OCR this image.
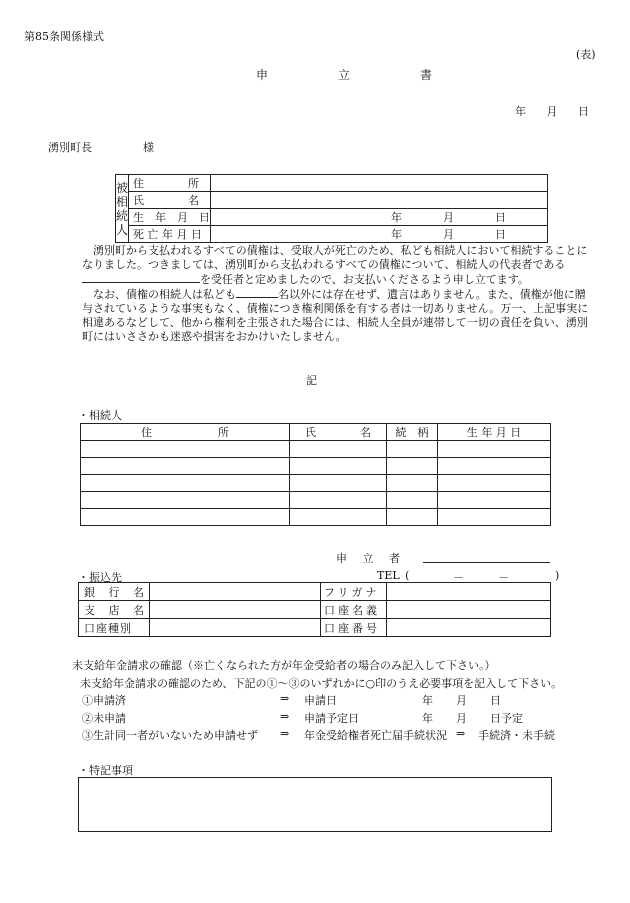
第85条関係様式
(表)
申　立　書
年 月 日
湧別町長	様
被相続人	住　　　　所	
	氏　　　　名	
	生　年　月　日	年 月 日

	死 亡 年 月 日	年 月 日

　湧別町から支払われるすべての債権は、受取人が死亡のため、私ども相続人において相続することになりました。つきましては、湧別町から支払われるすべての債権について、相続人の代表者であるを受任者と定めましたので、お支払いくださるよう申し立てます。

　なお、債権の相続人は私ども	名以外には存在せず、遺言はありません。また、債権が他に贈与されているような事実もなく、債権につき権利関係を有する者は一切ありません。万一、上記事実に相違あるなどして、他から権利を主張された場合には、相続人全員が連帯して一切の責任を負い、湧別町にはいささかも迷惑や損害をおかけいたしません。

記
・相続人
住　　　　　　所	氏　　　　名	続　柄	生 年 月 日

申 立 者
・振込先	TEL (	－	－	)
銀 行 名		フリガナ	
支 店 名		口座名義	
口座種別		口座番号	
未支給年金請求の確認（※亡くなられた方が年金受給者の場合のみ記入して下さい。）
未支給年金請求の確認のため、下記の①～③のいずれかに○印のうえ必要事項を記入して下さい。
①申請済	⇒ 申請日	年 月 日
②未申請	⇒ 申請予定日	年 月 日予定
③生計同一者がいないため申請せず ⇒ 年金受給権者死亡届手続状況 ⇒ 手続済・未手続
・特記事項
